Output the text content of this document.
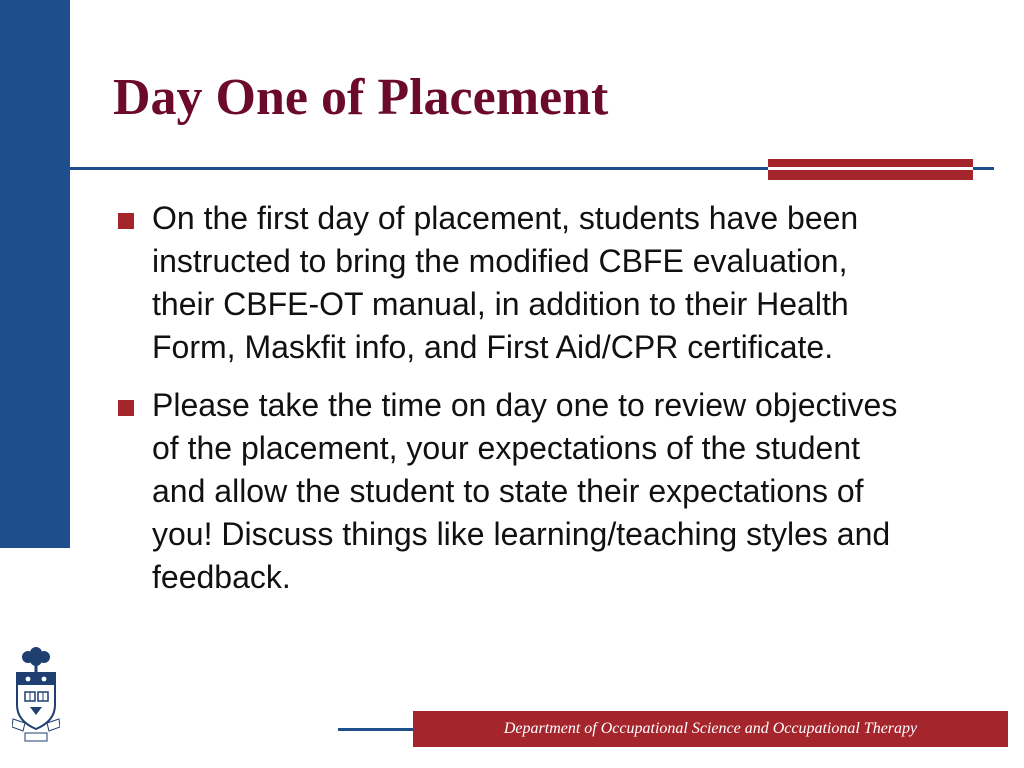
Day One of Placement
On the first day of placement, students have been instructed to bring the modified CBFE evaluation, their CBFE-OT manual, in addition to their Health Form, Maskfit info, and First Aid/CPR certificate.
Please take the time on day one to review objectives of the placement, your expectations of the student and allow the student to state their expectations of you! Discuss things like learning/teaching styles and feedback.
Department of Occupational Science and Occupational Therapy
